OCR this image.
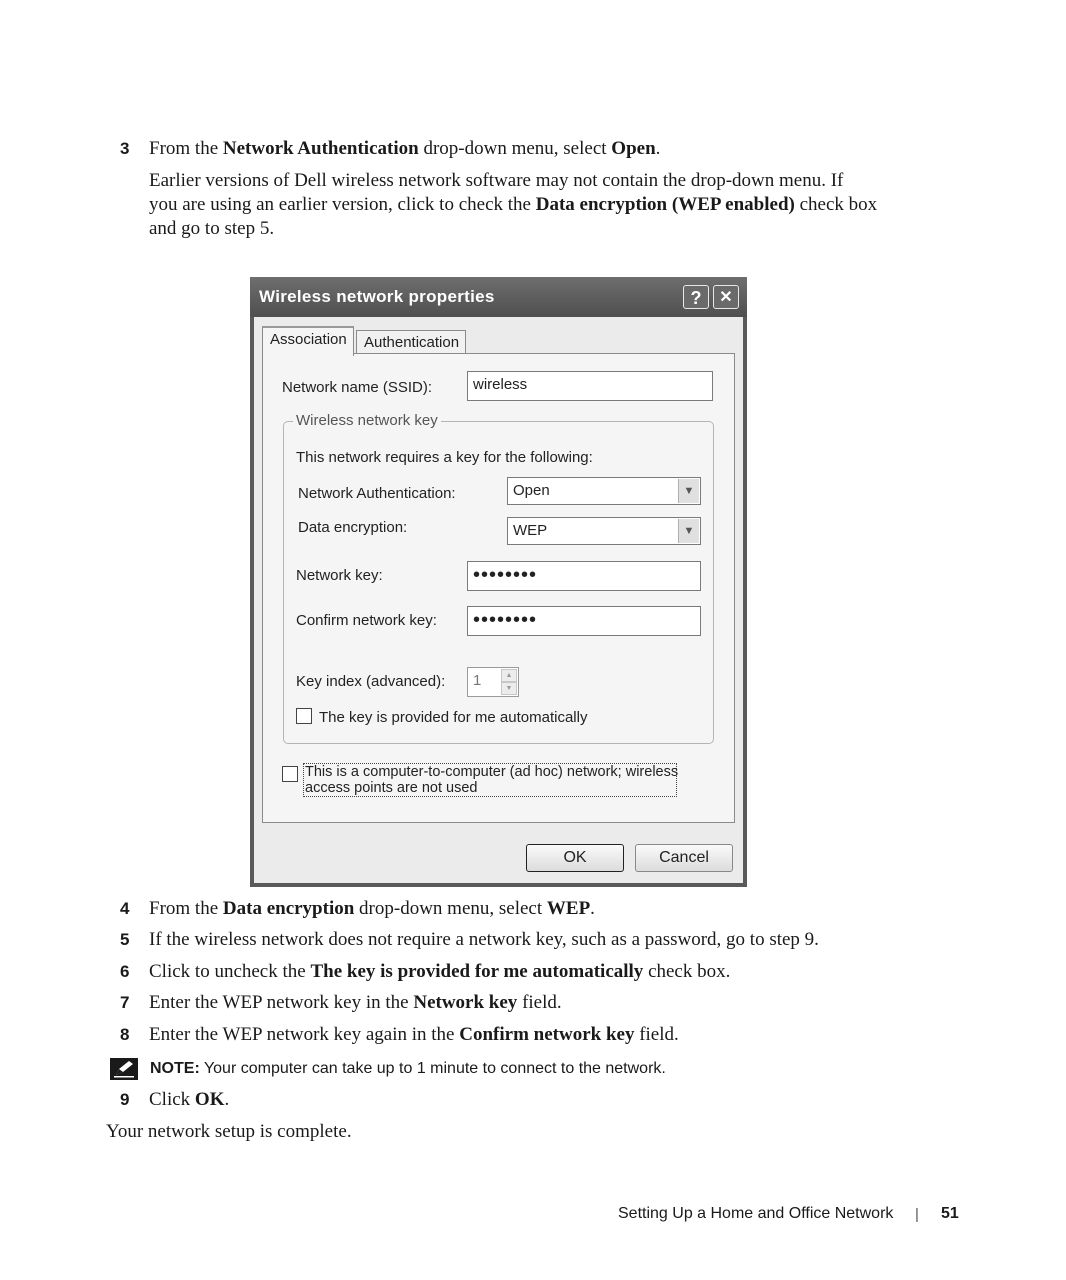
3 From the Network Authentication drop-down menu, select Open.
Earlier versions of Dell wireless network software may not contain the drop-down menu. If
you are using an earlier version, click to check the Data encryption (WEP enabled) check box
and go to step 5.
Wireless network properties	?	✕
Association	Authentication
Network name (SSID):	wireless
Wireless network key
This network requires a key for the following:
Network Authentication:	Open	▼
Data encryption:	WEP	▼
Network key:	••••••••
Confirm network key:	••••••••
Key index (advanced):	1	▲
▼
The key is provided for me automatically
This is a computer-to-computer (ad hoc) network; wireless
access points are not used
OK	Cancel
4 From the Data encryption drop-down menu, select WEP.
5 If the wireless network does not require a network key, such as a password, go to step 9.
6 Click to uncheck the The key is provided for me automatically check box.
7 Enter the WEP network key in the Network key field.
8 Enter the WEP network key again in the Confirm network key field.
NOTE: Your computer can take up to 1 minute to connect to the network.
9 Click OK.
Your network setup is complete.
Setting Up a Home and Office Network | 51
